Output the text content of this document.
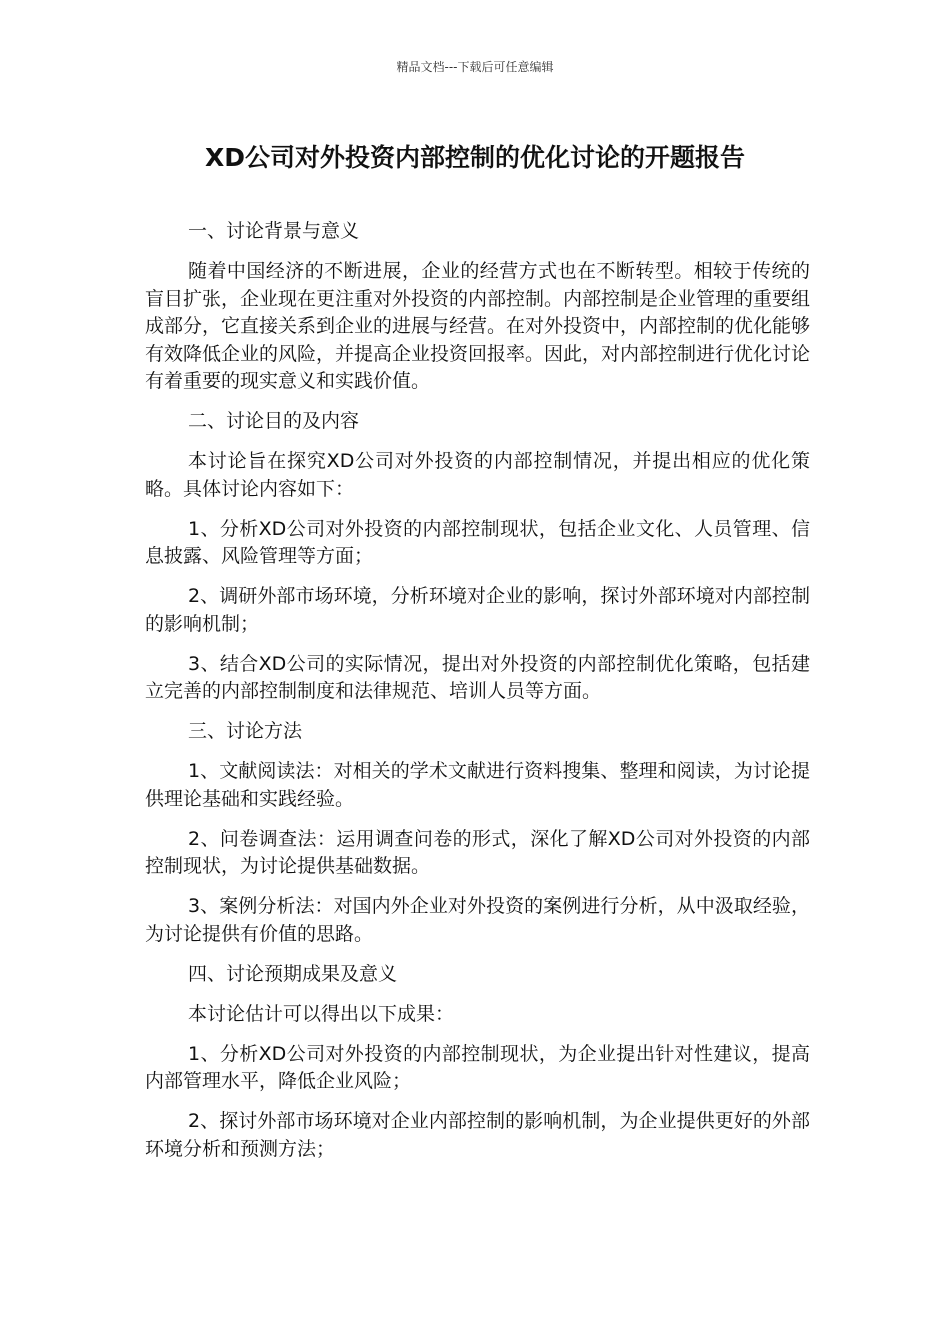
精品文档---下载后可任意编辑
XD公司对外投资内部控制的优化讨论的开题报告
一、讨论背景与意义

随着中国经济的不断进展，企业的经营方式也在不断转型。相较于传统的盲目扩张，企业现在更注重对外投资的内部控制。内部控制是企业管理的重要组成部分，它直接关系到企业的进展与经营。在对外投资中，内部控制的优化能够有效降低企业的风险，并提高企业投资回报率。因此，对内部控制进行优化讨论有着重要的现实意义和实践价值。

二、讨论目的及内容

本讨论旨在探究XD公司对外投资的内部控制情况，并提出相应的优化策略。具体讨论内容如下：

1、分析XD公司对外投资的内部控制现状，包括企业文化、人员管理、信息披露、风险管理等方面；

2、调研外部市场环境，分析环境对企业的影响，探讨外部环境对内部控制的影响机制；

3、结合XD公司的实际情况，提出对外投资的内部控制优化策略，包括建立完善的内部控制制度和法律规范、培训人员等方面。

三、讨论方法

1、文献阅读法：对相关的学术文献进行资料搜集、整理和阅读，为讨论提供理论基础和实践经验。

2、问卷调查法：运用调查问卷的形式，深化了解XD公司对外投资的内部控制现状，为讨论提供基础数据。

3、案例分析法：对国内外企业对外投资的案例进行分析，从中汲取经验，为讨论提供有价值的思路。

四、讨论预期成果及意义

本讨论估计可以得出以下成果：

1、分析XD公司对外投资的内部控制现状，为企业提出针对性建议，提高内部管理水平，降低企业风险；

2、探讨外部市场环境对企业内部控制的影响机制，为企业提供更好的外部环境分析和预测方法；
